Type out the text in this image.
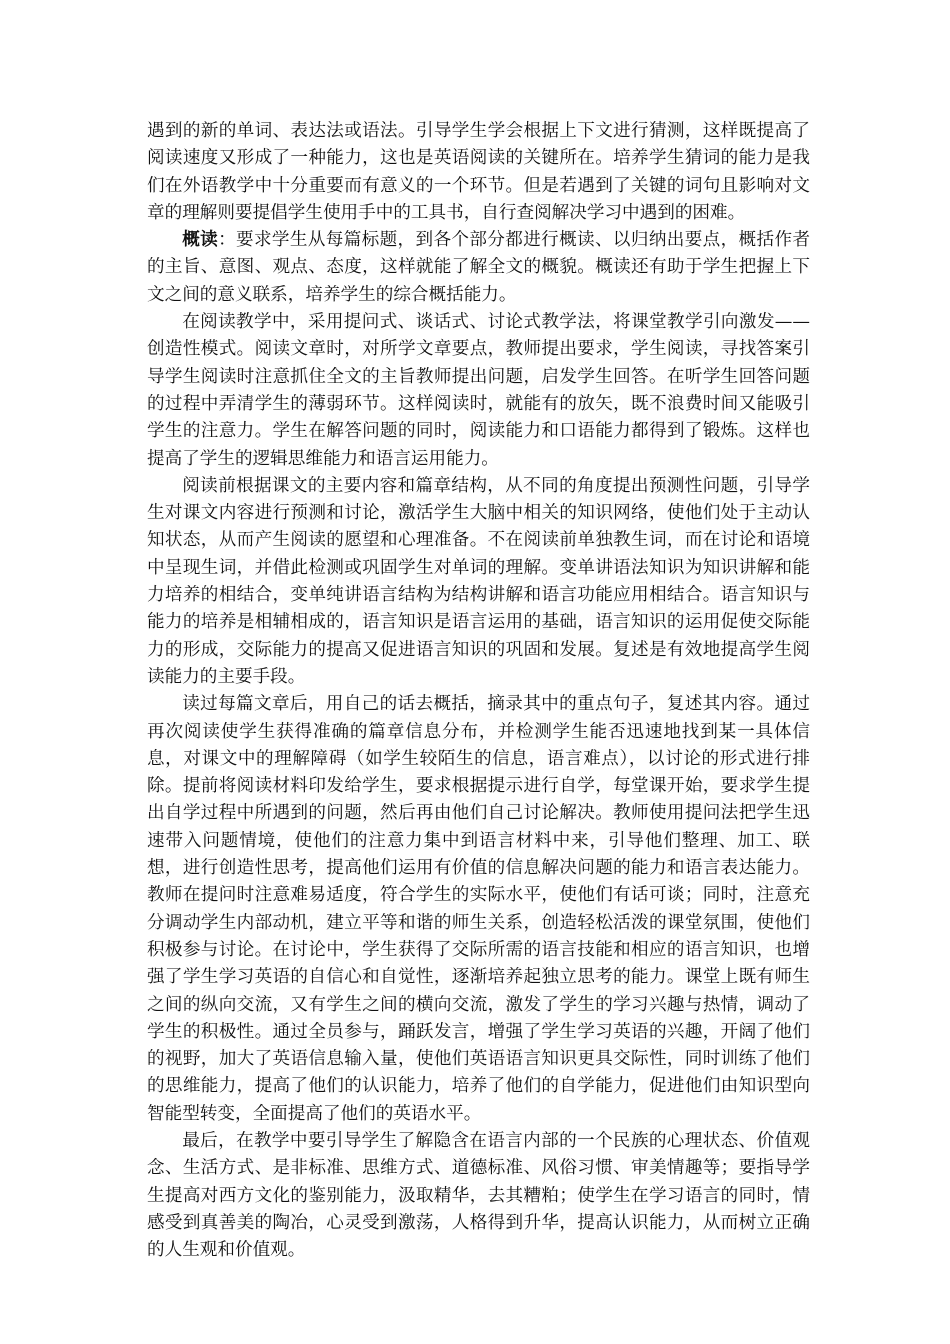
遇到的新的单词、表达法或语法。引导学生学会根据上下文进行猜测，这样既提高了阅读速度又形成了一种能力，这也是英语阅读的关键所在。培养学生猜词的能力是我们在外语教学中十分重要而有意义的一个环节。但是若遇到了关键的词句且影响对文章的理解则要提倡学生使用手中的工具书，自行查阅解决学习中遇到的困难。

概读：要求学生从每篇标题，到各个部分都进行概读、以归纳出要点，概括作者的主旨、意图、观点、态度，这样就能了解全文的概貌。概读还有助于学生把握上下文之间的意义联系，培养学生的综合概括能力。

在阅读教学中，采用提问式、谈话式、讨论式教学法，将课堂教学引向激发——创造性模式。阅读文章时，对所学文章要点，教师提出要求，学生阅读，寻找答案引导学生阅读时注意抓住全文的主旨教师提出问题，启发学生回答。在听学生回答问题的过程中弄清学生的薄弱环节。这样阅读时，就能有的放矢，既不浪费时间又能吸引学生的注意力。学生在解答问题的同时，阅读能力和口语能力都得到了锻炼。这样也提高了学生的逻辑思维能力和语言运用能力。

阅读前根据课文的主要内容和篇章结构，从不同的角度提出预测性问题，引导学生对课文内容进行预测和讨论，激活学生大脑中相关的知识网络，使他们处于主动认知状态，从而产生阅读的愿望和心理准备。不在阅读前单独教生词，而在讨论和语境中呈现生词，并借此检测或巩固学生对单词的理解。变单讲语法知识为知识讲解和能力培养的相结合，变单纯讲语言结构为结构讲解和语言功能应用相结合。语言知识与能力的培养是相辅相成的，语言知识是语言运用的基础，语言知识的运用促使交际能力的形成，交际能力的提高又促进语言知识的巩固和发展。复述是有效地提高学生阅读能力的主要手段。

读过每篇文章后，用自己的话去概括，摘录其中的重点句子，复述其内容。通过再次阅读使学生获得准确的篇章信息分布，并检测学生能否迅速地找到某一具体信息，对课文中的理解障碍（如学生较陌生的信息，语言难点），以讨论的形式进行排除。提前将阅读材料印发给学生，要求根据提示进行自学，每堂课开始，要求学生提出自学过程中所遇到的问题，然后再由他们自己讨论解决。教师使用提问法把学生迅速带入问题情境，使他们的注意力集中到语言材料中来，引导他们整理、加工、联想，进行创造性思考，提高他们运用有价值的信息解决问题的能力和语言表达能力。教师在提问时注意难易适度，符合学生的实际水平，使他们有话可谈；同时，注意充分调动学生内部动机，建立平等和谐的师生关系，创造轻松活泼的课堂氛围，使他们积极参与讨论。在讨论中，学生获得了交际所需的语言技能和相应的语言知识，也增强了学生学习英语的自信心和自觉性，逐渐培养起独立思考的能力。课堂上既有师生之间的纵向交流，又有学生之间的横向交流，激发了学生的学习兴趣与热情，调动了学生的积极性。通过全员参与，踊跃发言，增强了学生学习英语的兴趣，开阔了他们的视野，加大了英语信息输入量，使他们英语语言知识更具交际性，同时训练了他们的思维能力，提高了他们的认识能力，培养了他们的自学能力，促进他们由知识型向智能型转变，全面提高了他们的英语水平。

最后，在教学中要引导学生了解隐含在语言内部的一个民族的心理状态、价值观念、生活方式、是非标准、思维方式、道德标准、风俗习惯、审美情趣等；要指导学生提高对西方文化的鉴别能力，汲取精华，去其糟粕；使学生在学习语言的同时，情感受到真善美的陶冶，心灵受到激荡，人格得到升华，提高认识能力，从而树立正确的人生观和价值观。
